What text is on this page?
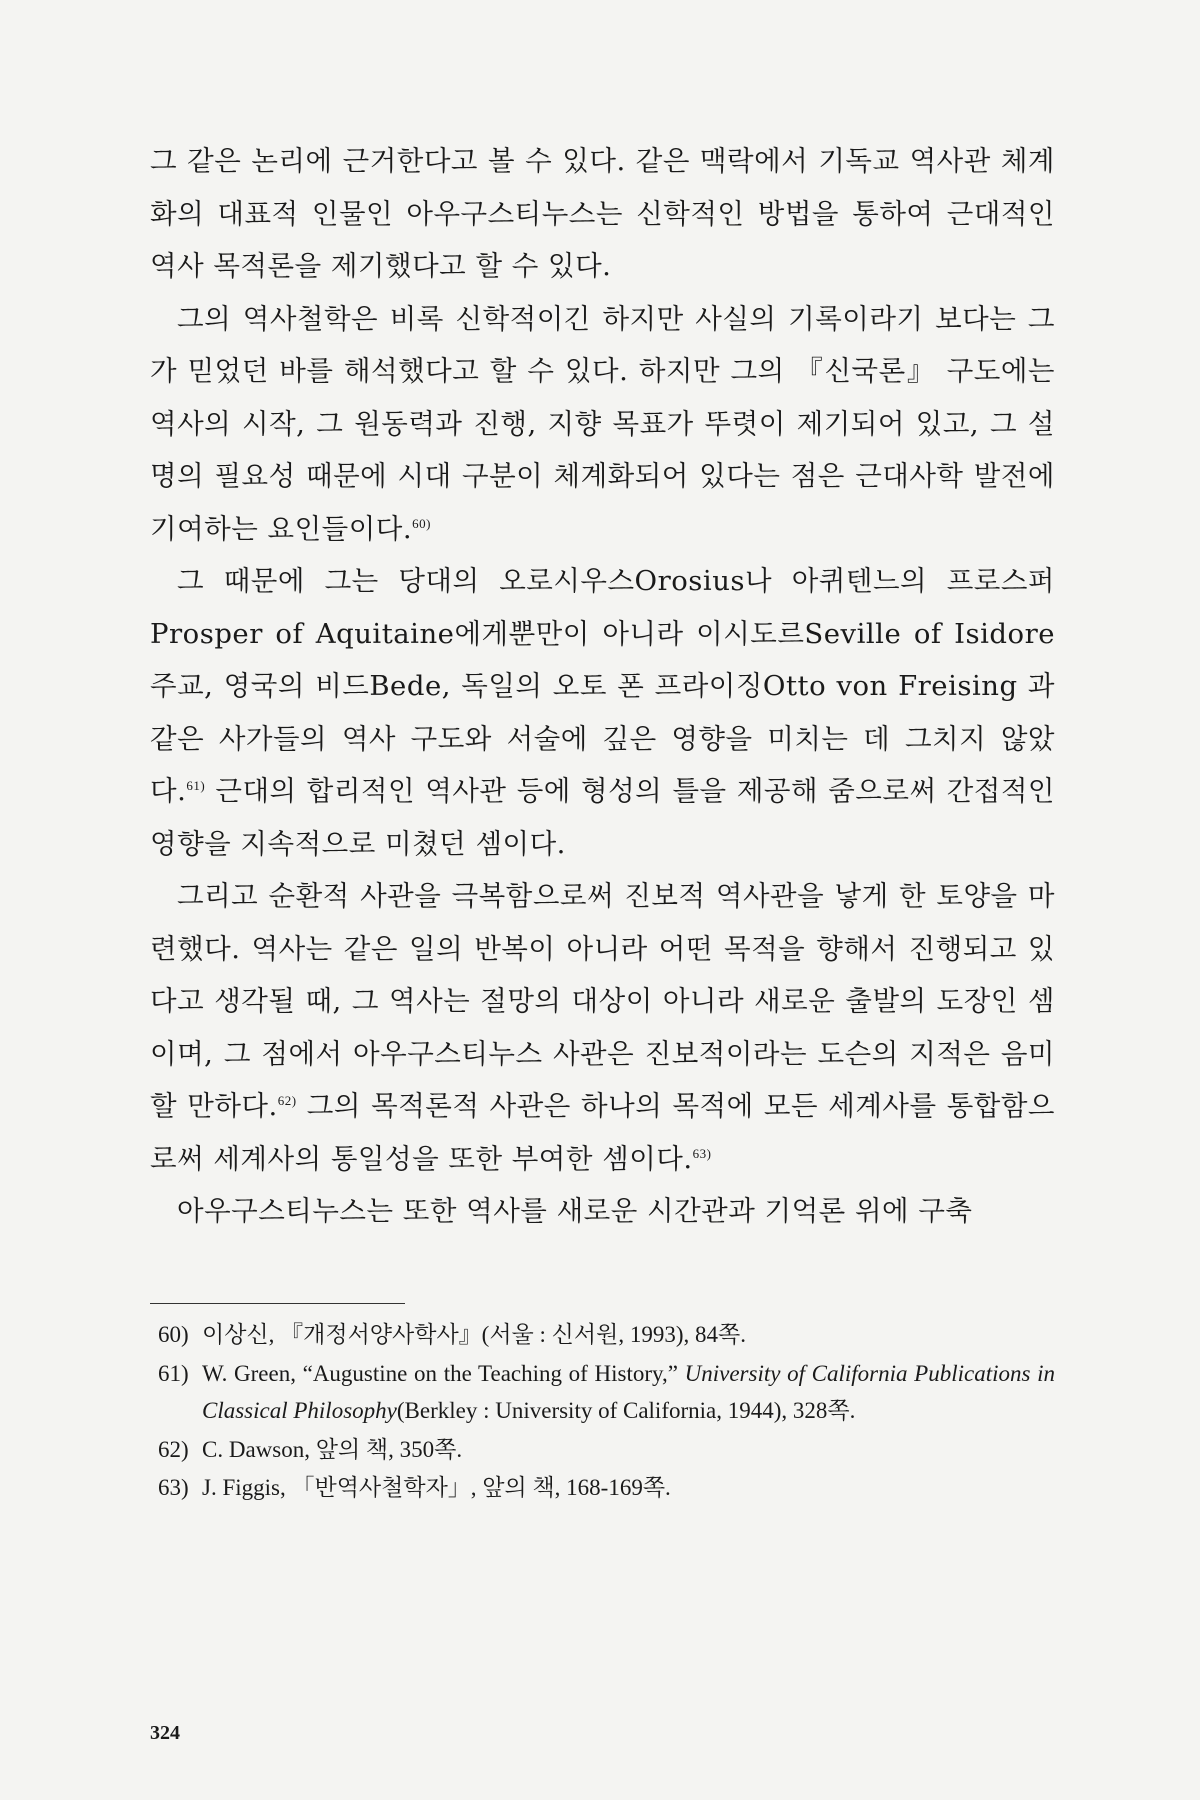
그 같은 논리에 근거한다고 볼 수 있다. 같은 맥락에서 기독교 역사관 체계화의 대표적 인물인 아우구스티누스는 신학적인 방법을 통하여 근대적인 역사 목적론을 제기했다고 할 수 있다.

그의 역사철학은 비록 신학적이긴 하지만 사실의 기록이라기 보다는 그가 믿었던 바를 해석했다고 할 수 있다. 하지만 그의 『신국론』 구도에는 역사의 시작, 그 원동력과 진행, 지향 목표가 뚜렷이 제기되어 있고, 그 설명의 필요성 때문에 시대 구분이 체계화되어 있다는 점은 근대사학 발전에 기여하는 요인들이다.$^{60)}$

그 때문에 그는 당대의 오로시우스Orosius나 아퀴텐느의 프로스퍼 Prosper of Aquitaine에게뿐만이 아니라 이시도르Seville of Isidore 주교, 영국의 비드Bede, 독일의 오토 폰 프라이징Otto von Freising 과 같은 사가들의 역사 구도와 서술에 깊은 영향을 미치는 데 그치지 않았다.$^{61)}$ 근대의 합리적인 역사관 등에 형성의 틀을 제공해 줌으로써 간접적인 영향을 지속적으로 미쳤던 셈이다.

그리고 순환적 사관을 극복함으로써 진보적 역사관을 낳게 한 토양을 마련했다. 역사는 같은 일의 반복이 아니라 어떤 목적을 향해서 진행되고 있다고 생각될 때, 그 역사는 절망의 대상이 아니라 새로운 출발의 도장인 셈이며, 그 점에서 아우구스티누스 사관은 진보적이라는 도슨의 지적은 음미할 만하다.$^{62)}$ 그의 목적론적 사관은 하나의 목적에 모든 세계사를 통합함으로써 세계사의 통일성을 또한 부여한 셈이다.$^{63)}$

아우구스티누스는 또한 역사를 새로운 시간관과 기억론 위에 구축

60) 이상신, 『개정서양사학사』(서울 : 신서원, 1993), 84쪽.
61) W. Green, “Augustine on the Teaching of History,” University of California Publications in Classical Philosophy(Berkley : University of California, 1944), 328쪽.
62) C. Dawson, 앞의 책, 350쪽.
63) J. Figgis, 「반역사철학자」, 앞의 책, 168-169쪽.
324
